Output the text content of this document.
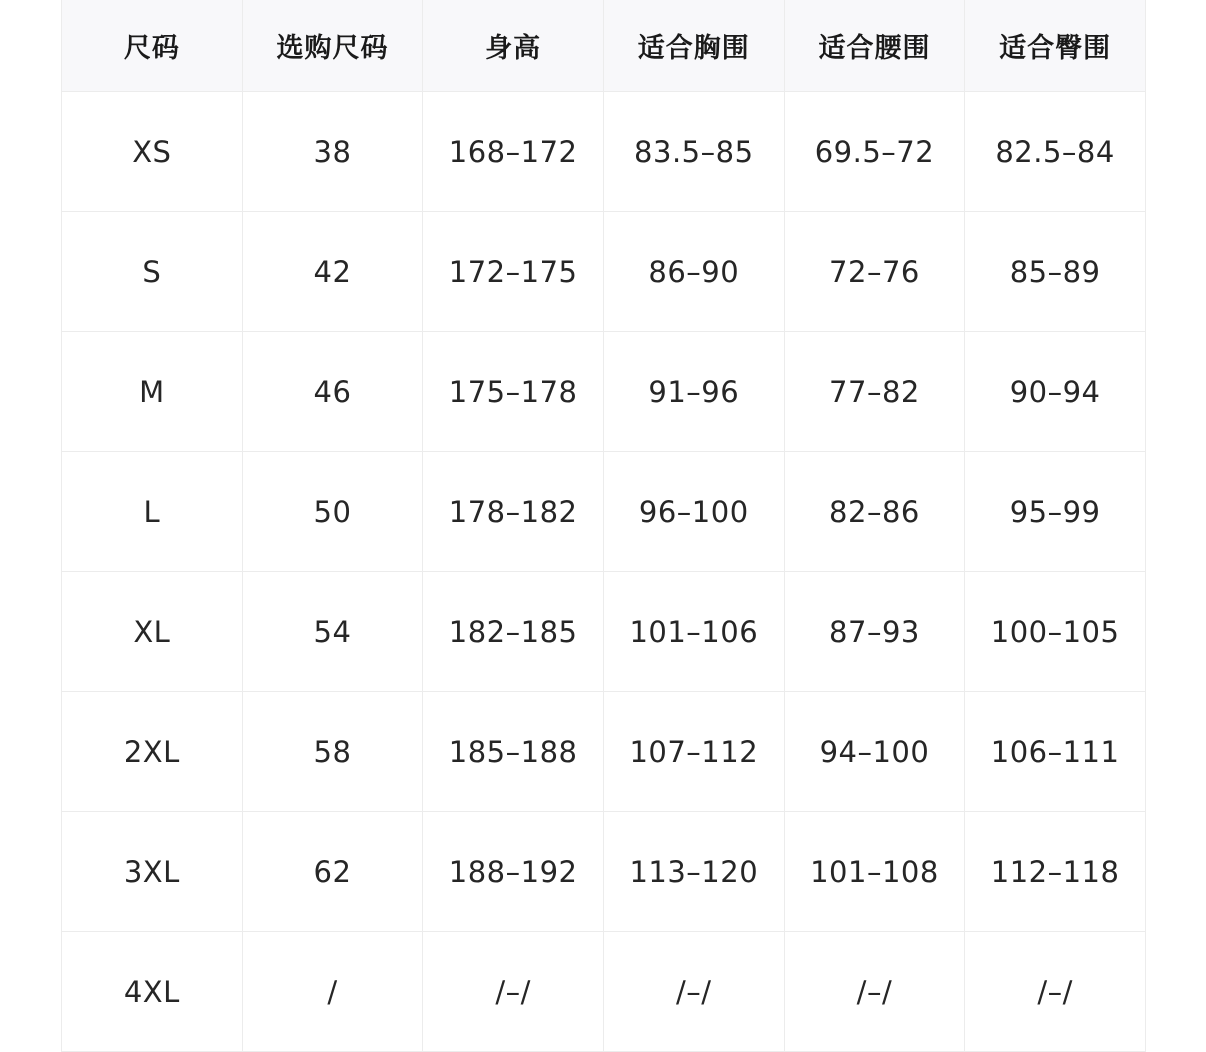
尺码	选购尺码	身高	适合胸围	适合腰围	适合臀围
XS	38	168–172	83.5–85	69.5–72	82.5–84
S	42	172–175	86–90	72–76	85–89
M	46	175–178	91–96	77–82	90–94
L	50	178–182	96–100	82–86	95–99
XL	54	182–185	101–106	87–93	100–105
2XL	58	185–188	107–112	94–100	106–111
3XL	62	188–192	113–120	101–108	112–118
4XL	/	/–/	/–/	/–/	/–/
